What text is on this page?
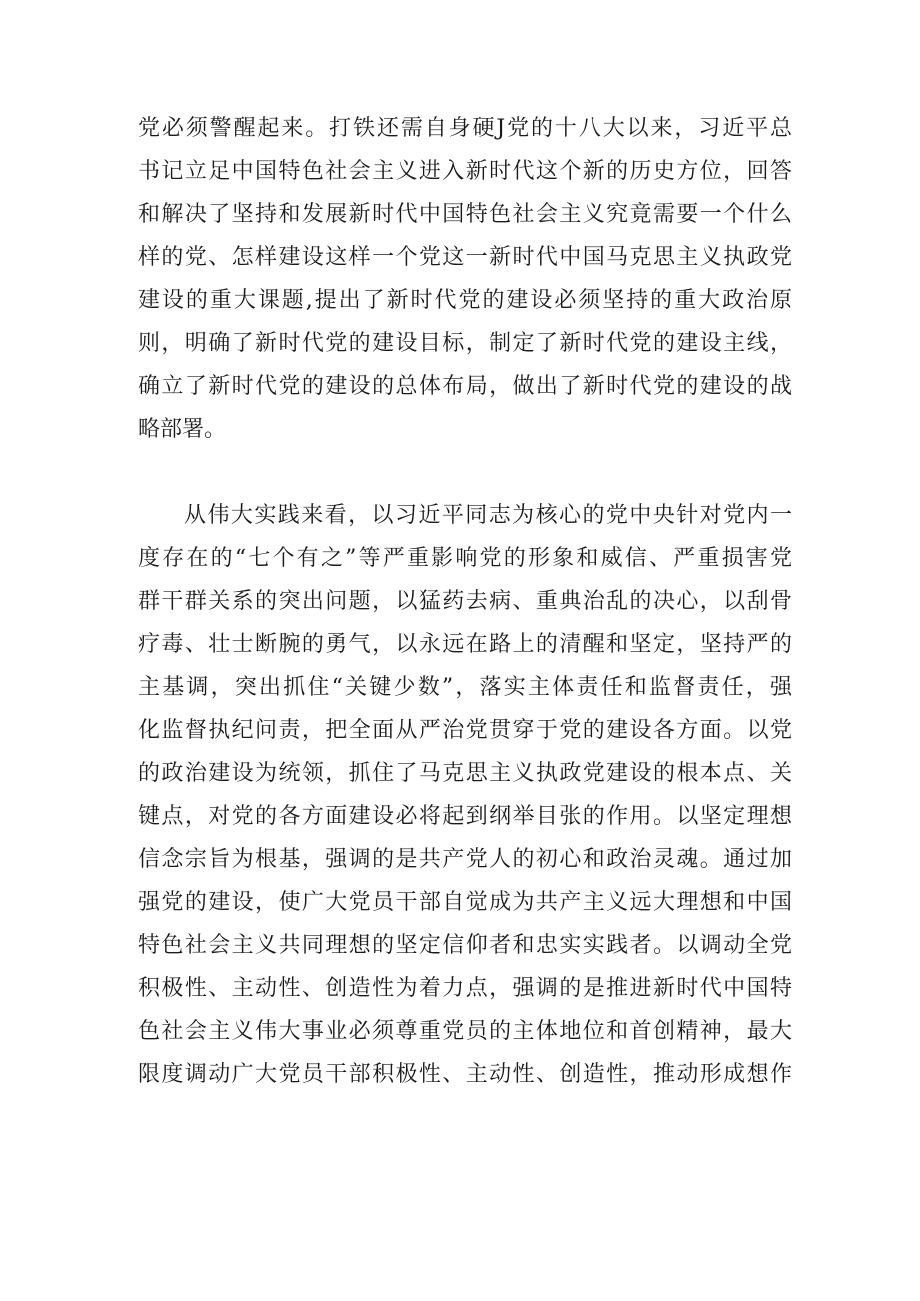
党必须警醒起来。打铁还需自身硬J党的十八大以来，习近平总
书记立足中国特色社会主义进入新时代这个新的历史方位，回答
和解决了坚持和发展新时代中国特色社会主义究竟需要一个什么
样的党、怎样建设这样一个党这一新时代中国马克思主义执政党
建设的重大课题,提出了新时代党的建设必须坚持的重大政治原
则，明确了新时代党的建设目标，制定了新时代党的建设主线，
确立了新时代党的建设的总体布局，做出了新时代党的建设的战
略部署。
从伟大实践来看，以习近平同志为核心的党中央针对党内一
度存在的“七个有之”等严重影响党的形象和威信、严重损害党
群干群关系的突出问题，以猛药去病、重典治乱的决心，以刮骨
疗毒、壮士断腕的勇气，以永远在路上的清醒和坚定，坚持严的
主基调，突出抓住“关键少数”，落实主体责任和监督责任，强
化监督执纪问责，把全面从严治党贯穿于党的建设各方面。以党
的政治建设为统领，抓住了马克思主义执政党建设的根本点、关
键点，对党的各方面建设必将起到纲举目张的作用。以坚定理想
信念宗旨为根基，强调的是共产党人的初心和政治灵魂。通过加
强党的建设，使广大党员干部自觉成为共产主义远大理想和中国
特色社会主义共同理想的坚定信仰者和忠实实践者。以调动全党
积极性、主动性、创造性为着力点，强调的是推进新时代中国特
色社会主义伟大事业必须尊重党员的主体地位和首创精神，最大
限度调动广大党员干部积极性、主动性、创造性，推动形成想作
